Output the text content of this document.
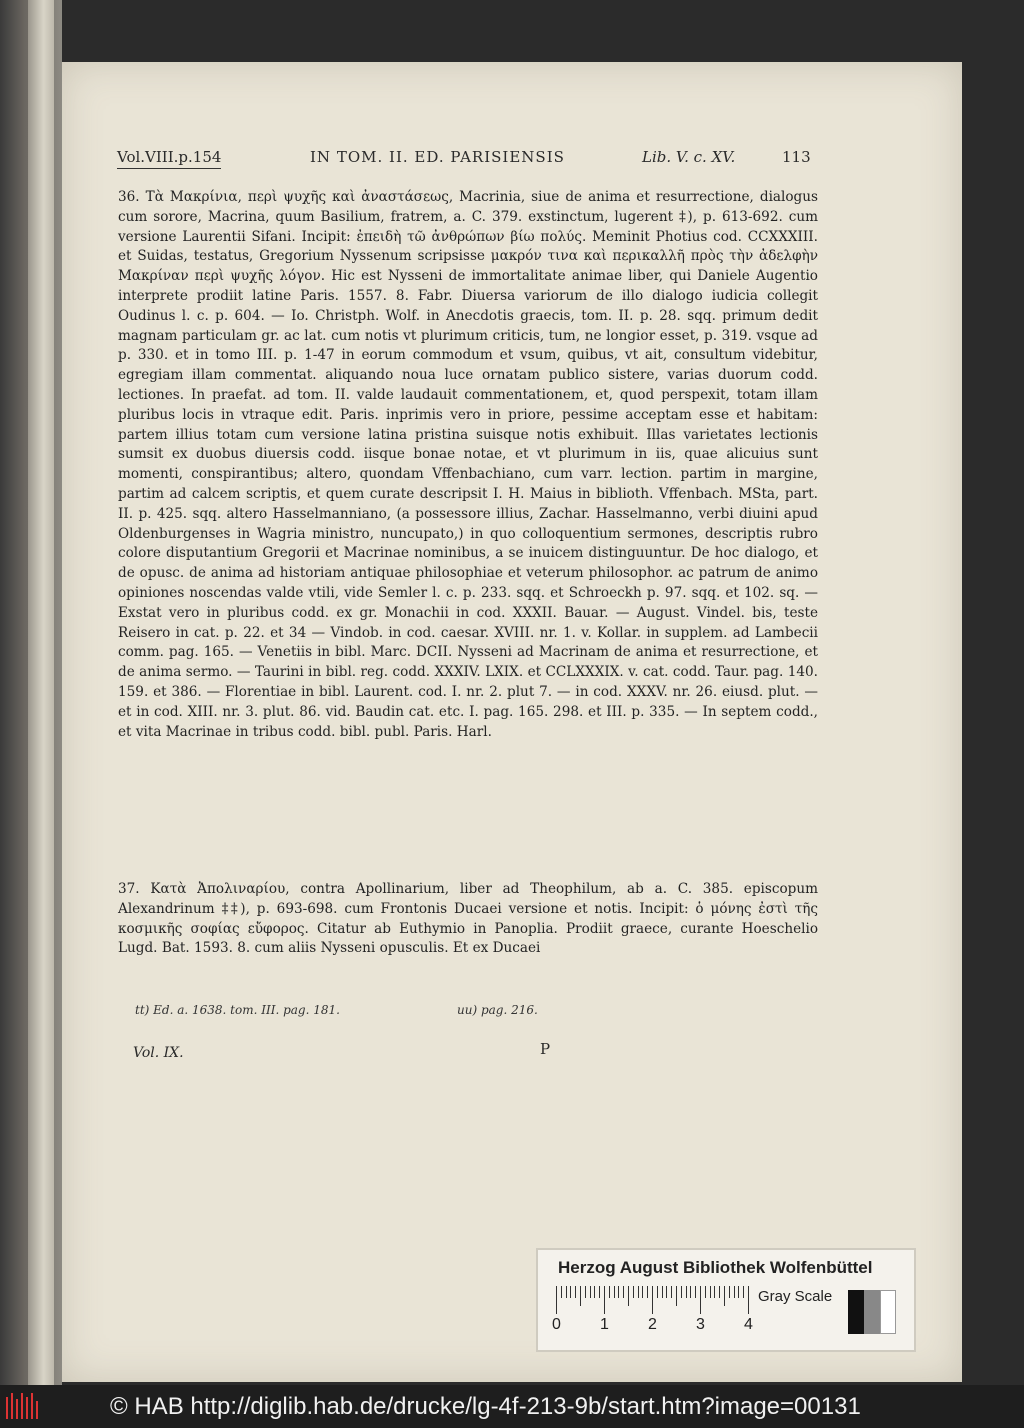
Vol.VIII.p.154	IN TOM. II. ED. PARISIENSIS	Lib. V. c. XV.	113
36. Τὰ Μακρίνια, περὶ ψυχῆς καὶ ἀναστάσεως, Macrinia, siue de anima et resurrectione, dialogus cum sorore, Macrina, quum Basilium, fratrem, a. C. 379. exstinctum, lugerent ‡), p. 613-692. cum versione Laurentii Sifani. Incipit: ἐπειδὴ τῶ ἀνθρώπων βίω πολύς. Meminit Photius cod. CCXXXIII. et Suidas, testatus, Gregorium Nyssenum scripsisse μακρόν τινα καὶ περικαλλῆ πρὸς τὴν ἀδελφὴν Μακρίναν περὶ ψυχῆς λόγον. Hic est Nysseni de immortalitate animae liber, qui Daniele Augentio interprete prodiit latine Paris. 1557. 8. Fabr. Diuersa variorum de illo dialogo iudicia collegit Oudinus l. c. p. 604. — Io. Christph. Wolf. in Anecdotis graecis, tom. II. p. 28. sqq. primum dedit magnam particulam gr. ac lat. cum notis vt plurimum criticis, tum, ne longior esset, p. 319. vsque ad p. 330. et in tomo III. p. 1-47 in eorum commodum et vsum, quibus, vt ait, consultum videbitur, egregiam illam commentat. aliquando noua luce ornatam publico sistere, varias duorum codd. lectiones. In praefat. ad tom. II. valde laudauit commentationem, et, quod perspexit, totam illam pluribus locis in vtraque edit. Paris. inprimis vero in priore, pessime acceptam esse et habitam: partem illius totam cum versione latina pristina suisque notis exhibuit. Illas varietates lectionis sumsit ex duobus diuersis codd. iisque bonae notae, et vt plurimum in iis, quae alicuius sunt momenti, conspirantibus; altero, quondam Vffenbachiano, cum varr. lection. partim in margine, partim ad calcem scriptis, et quem curate descripsit I. H. Maius in biblioth. Vffenbach. MSta, part. II. p. 425. sqq. altero Hasselmanniano, (a possessore illius, Zachar. Hasselmanno, verbi diuini apud Oldenburgenses in Wagria ministro, nuncupato,) in quo colloquentium sermones, descriptis rubro colore disputantium Gregorii et Macrinae nominibus, a se inuicem distinguuntur. De hoc dialogo, et de opusc. de anima ad historiam antiquae philosophiae et veterum philosophor. ac patrum de animo opiniones noscendas valde vtili, vide Semler l. c. p. 233. sqq. et Schroeckh p. 97. sqq. et 102. sq. — Exstat vero in pluribus codd. ex gr. Monachii in cod. XXXII. Bauar. — August. Vindel. bis, teste Reisero in cat. p. 22. et 34 — Vindob. in cod. caesar. XVIII. nr. 1. v. Kollar. in supplem. ad Lambecii comm. pag. 165. — Venetiis in bibl. Marc. DCII. Nysseni ad Macrinam de anima et resurrectione, et de anima sermo. — Taurini in bibl. reg. codd. XXXIV. LXIX. et CCLXXXIX. v. cat. codd. Taur. pag. 140. 159. et 386. — Florentiae in bibl. Laurent. cod. I. nr. 2. plut 7. — in cod. XXXV. nr. 26. eiusd. plut. — et in cod. XIII. nr. 3. plut. 86. vid. Baudin cat. etc. I. pag. 165. 298. et III. p. 335. — In septem codd., et vita Macrinae in tribus codd. bibl. publ. Paris. Harl.
37. Κατὰ Ἀπολιναρίου, contra Apollinarium, liber ad Theophilum, ab a. C. 385. episcopum Alexandrinum ‡‡), p. 693-698. cum Frontonis Ducaei versione et notis. Incipit: ὁ μόνης ἐστὶ τῆς κοσμικῆς σοφίας εὔφορος. Citatur ab Euthymio in Panoplia. Prodiit graece, curante Hoeschelio Lugd. Bat. 1593. 8. cum aliis Nysseni opusculis. Et ex Ducaei
tt) Ed. a. 1638. tom. III. pag. 181.	uu) pag. 216.
Vol. IX.	P
Herzog August Bibliothek Wolfenbüttel
0 1 2 3 4
Gray Scale
© HAB http://diglib.hab.de/drucke/lg-4f-213-9b/start.htm?image=00131
